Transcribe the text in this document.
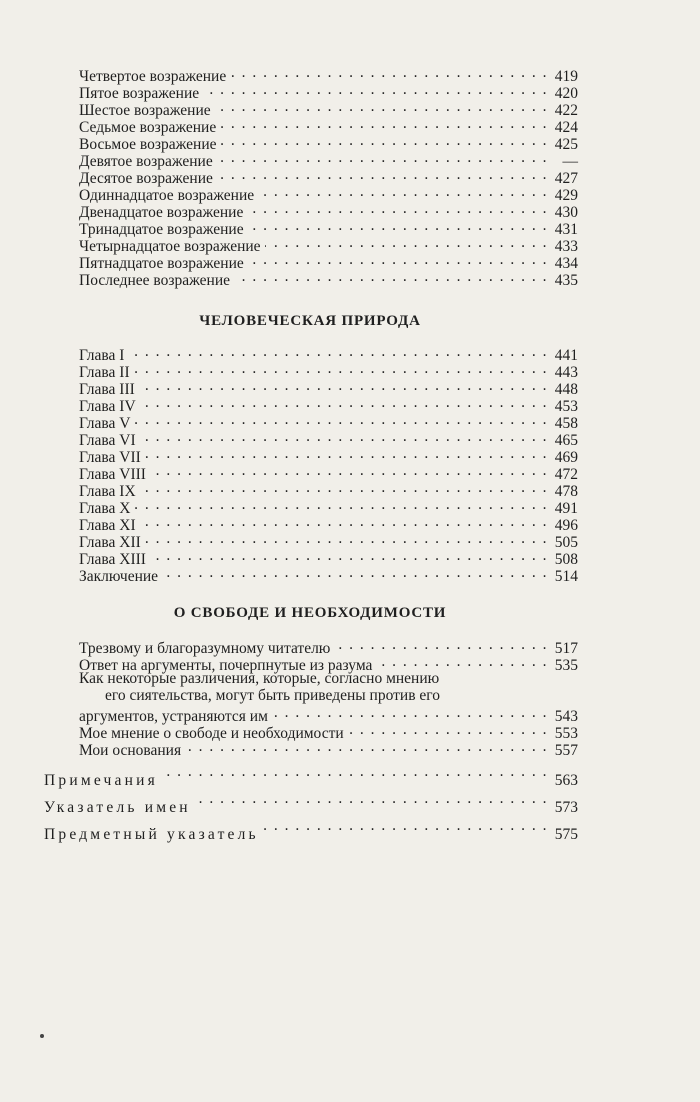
Четвертое возражение . . .	419
Пятое возражение . . .	420
Шестое возражение . . .	422
Седьмое возражение . . .	424
Восьмое возражение . . .	425
Девятое возражение . . .	—
Десятое возражение . . .	427
Одиннадцатое возражение . . .	429
Двенадцатое возражение . . .	430
Тринадцатое возражение . . .	431
Четырнадцатое возражение . . .	433
Пятнадцатое возражение . . .	434
Последнее возражение . . .	435
ЧЕЛОВЕЧЕСКАЯ ПРИРОДА
Глава I . . .	441
Глава II . . .	443
Глава III . . .	448
Глава IV . . .	453
Глава V . . .	458
Глава VI . . .	465
Глава VII . . .	469
Глава VIII . . .	472
Глава IX . . .	478
Глава X . . .	491
Глава XI . . .	496
Глава XII . . .	505
Глава XIII . . .	508
Заключение . . .	514
О СВОБОДЕ И НЕОБХОДИМОСТИ
Трезвому и благоразумному читателю . . .	517
Ответ на аргументы, почерпнутые из разума . . .	535
Как некоторые различения, которые, согласно мнению
его сиятельства, могут быть приведены против его
аргументов, устраняются им . . .	543
Мое мнение о свободе и необходимости . . .	553
Мои основания . . .	557
Примечания . . .	563
Указатель имен . . .	573
Предметный указатель . . .	575
